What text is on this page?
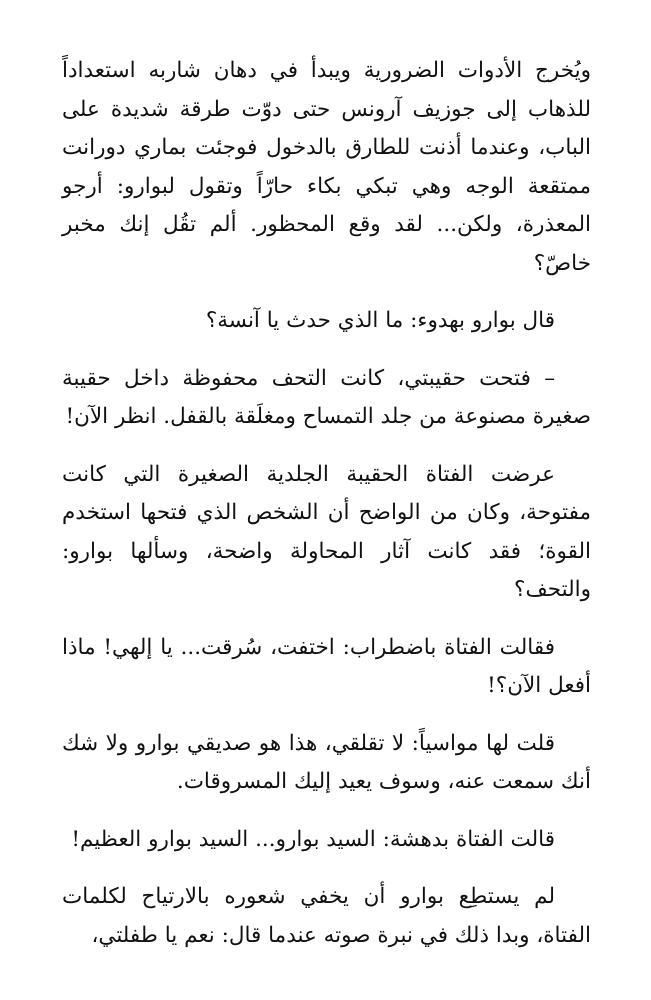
ويُخرج الأدوات الضرورية ويبدأ في دهان شاربه استعداداً للذهاب إلى جوزيف آرونس حتى دوّت طرقة شديدة على الباب، وعندما أذنت للطارق بالدخول فوجئت بماري دورانت ممتقعة الوجه وهي تبكي بكاء حارّاً وتقول لبوارو: أرجو المعذرة، ولكن... لقد وقع المحظور. ألم تقُل إنك مخبر خاصّ؟

قال بوارو بهدوء: ما الذي حدث يا آنسة؟

– فتحت حقيبتي، كانت التحف محفوظة داخل حقيبة صغيرة مصنوعة من جلد التمساح ومغلَقة بالقفل. انظر الآن!

عرضت الفتاة الحقيبة الجلدية الصغيرة التي كانت مفتوحة، وكان من الواضح أن الشخص الذي فتحها استخدم القوة؛ فقد كانت آثار المحاولة واضحة، وسألها بوارو: والتحف؟

فقالت الفتاة باضطراب: اختفت، سُرقت... يا إلهي! ماذا أفعل الآن؟!

قلت لها مواسياً: لا تقلقي، هذا هو صديقي بوارو ولا شك أنك سمعت عنه، وسوف يعيد إليك المسروقات.

قالت الفتاة بدهشة: السيد بوارو... السيد بوارو العظيم!

لم يستطِع بوارو أن يخفي شعوره بالارتياح لكلمات الفتاة، وبدا ذلك في نبرة صوته عندما قال: نعم يا طفلتي،
